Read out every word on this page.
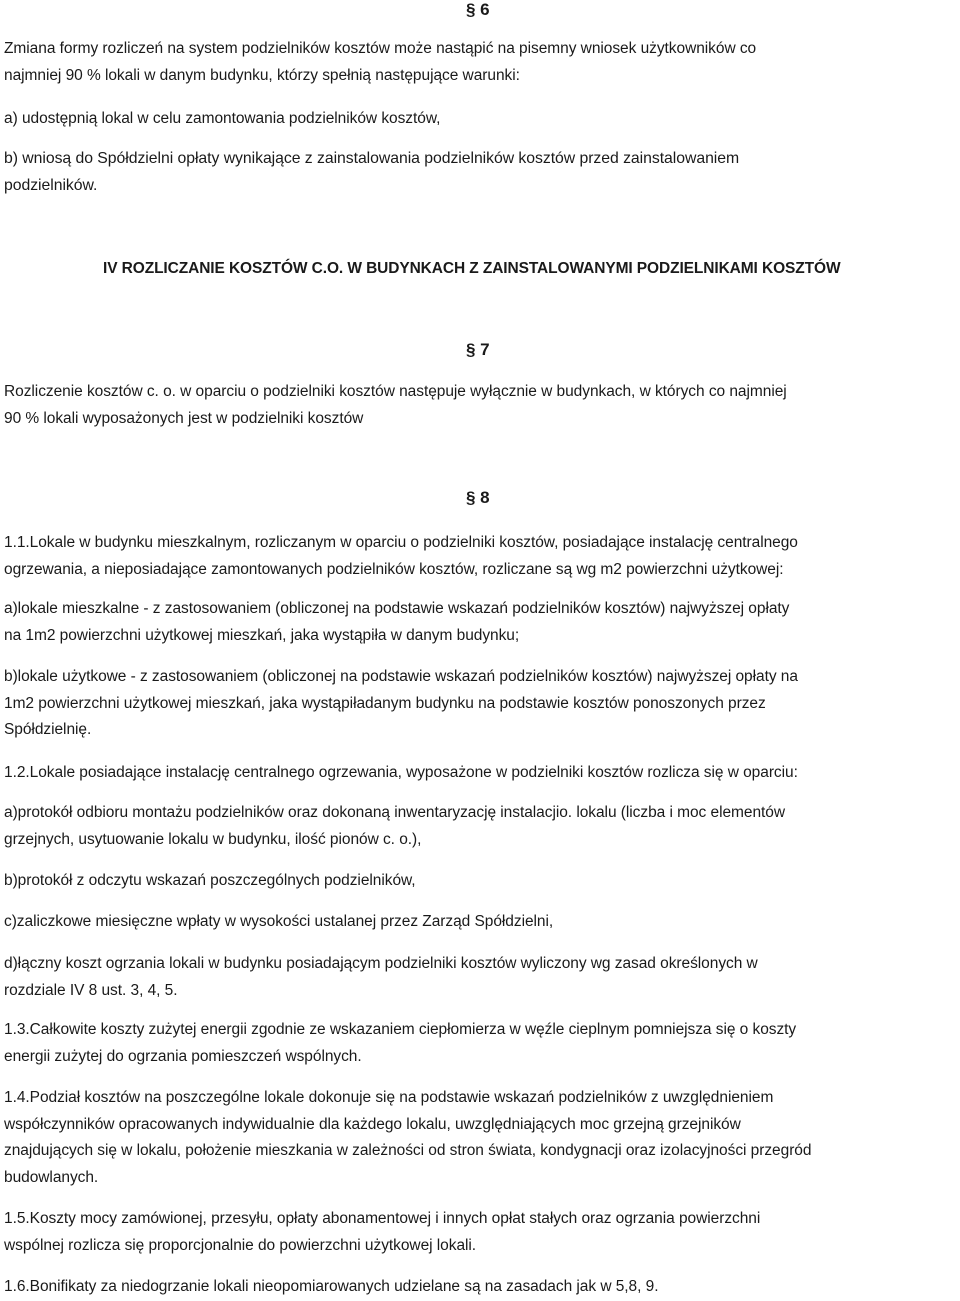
§ 6

Zmiana formy rozliczeń na system podzielników kosztów może nastąpić na pisemny wniosek użytkowników co
najmniej 90 % lokali w danym budynku, którzy spełnią następujące warunki:

a) udostępnią lokal w celu zamontowania podzielników kosztów,

b) wniosą do Spółdzielni opłaty wynikające z zainstalowania podzielników kosztów przed zainstalowaniem
podzielników.

IV ROZLICZANIE KOSZTÓW C.O. W BUDYNKACH Z ZAINSTALOWANYMI PODZIELNIKAMI KOSZTÓW
§ 7

Rozliczenie kosztów c. o. w oparciu o podzielniki kosztów następuje wyłącznie w budynkach, w których co najmniej
90 % lokali wyposażonych jest w podzielniki kosztów

§ 8

1.1.Lokale w budynku mieszkalnym, rozliczanym w oparciu o podzielniki kosztów, posiadające instalację centralnego
ogrzewania, a nieposiadające zamontowanych podzielników kosztów, rozliczane są wg m2 powierzchni użytkowej:

a)lokale mieszkalne - z zastosowaniem (obliczonej na podstawie wskazań podzielników kosztów) najwyższej opłaty
na 1m2 powierzchni użytkowej mieszkań, jaka wystąpiła w danym budynku;

b)lokale użytkowe - z zastosowaniem (obliczonej na podstawie wskazań podzielników kosztów) najwyższej opłaty na
1m2 powierzchni użytkowej mieszkań, jaka wystąpiładanym budynku na podstawie kosztów ponoszonych przez
Spółdzielnię.

1.2.Lokale posiadające instalację centralnego ogrzewania, wyposażone w podzielniki kosztów rozlicza się w oparciu:

a)protokół odbioru montażu podzielników oraz dokonaną inwentaryzację instalacjio. lokalu (liczba i moc elementów
grzejnych, usytuowanie lokalu w budynku, ilość pionów c. o.),

b)protokół z odczytu wskazań poszczególnych podzielników,

c)zaliczkowe miesięczne wpłaty w wysokości ustalanej przez Zarząd Spółdzielni,

d)łączny koszt ogrzania lokali w budynku posiadającym podzielniki kosztów wyliczony wg zasad określonych w
rozdziale IV 8 ust. 3, 4, 5.

1.3.Całkowite koszty zużytej energii zgodnie ze wskazaniem ciepłomierza w węźle cieplnym pomniejsza się o koszty
energii zużytej do ogrzania pomieszczeń wspólnych.

1.4.Podział kosztów na poszczególne lokale dokonuje się na podstawie wskazań podzielników z uwzględnieniem
współczynników opracowanych indywidualnie dla każdego lokalu, uwzględniających moc grzejną grzejników
znajdujących się w lokalu, położenie mieszkania w zależności od stron świata, kondygnacji oraz izolacyjności przegród
budowlanych.

1.5.Koszty mocy zamówionej, przesyłu, opłaty abonamentowej i innych opłat stałych oraz ogrzania powierzchni
wspólnej rozlicza się proporcjonalnie do powierzchni użytkowej lokali.

1.6.Bonifikaty za niedogrzanie lokali nieopomiarowanych udzielane są na zasadach jak w 5,8, 9.
